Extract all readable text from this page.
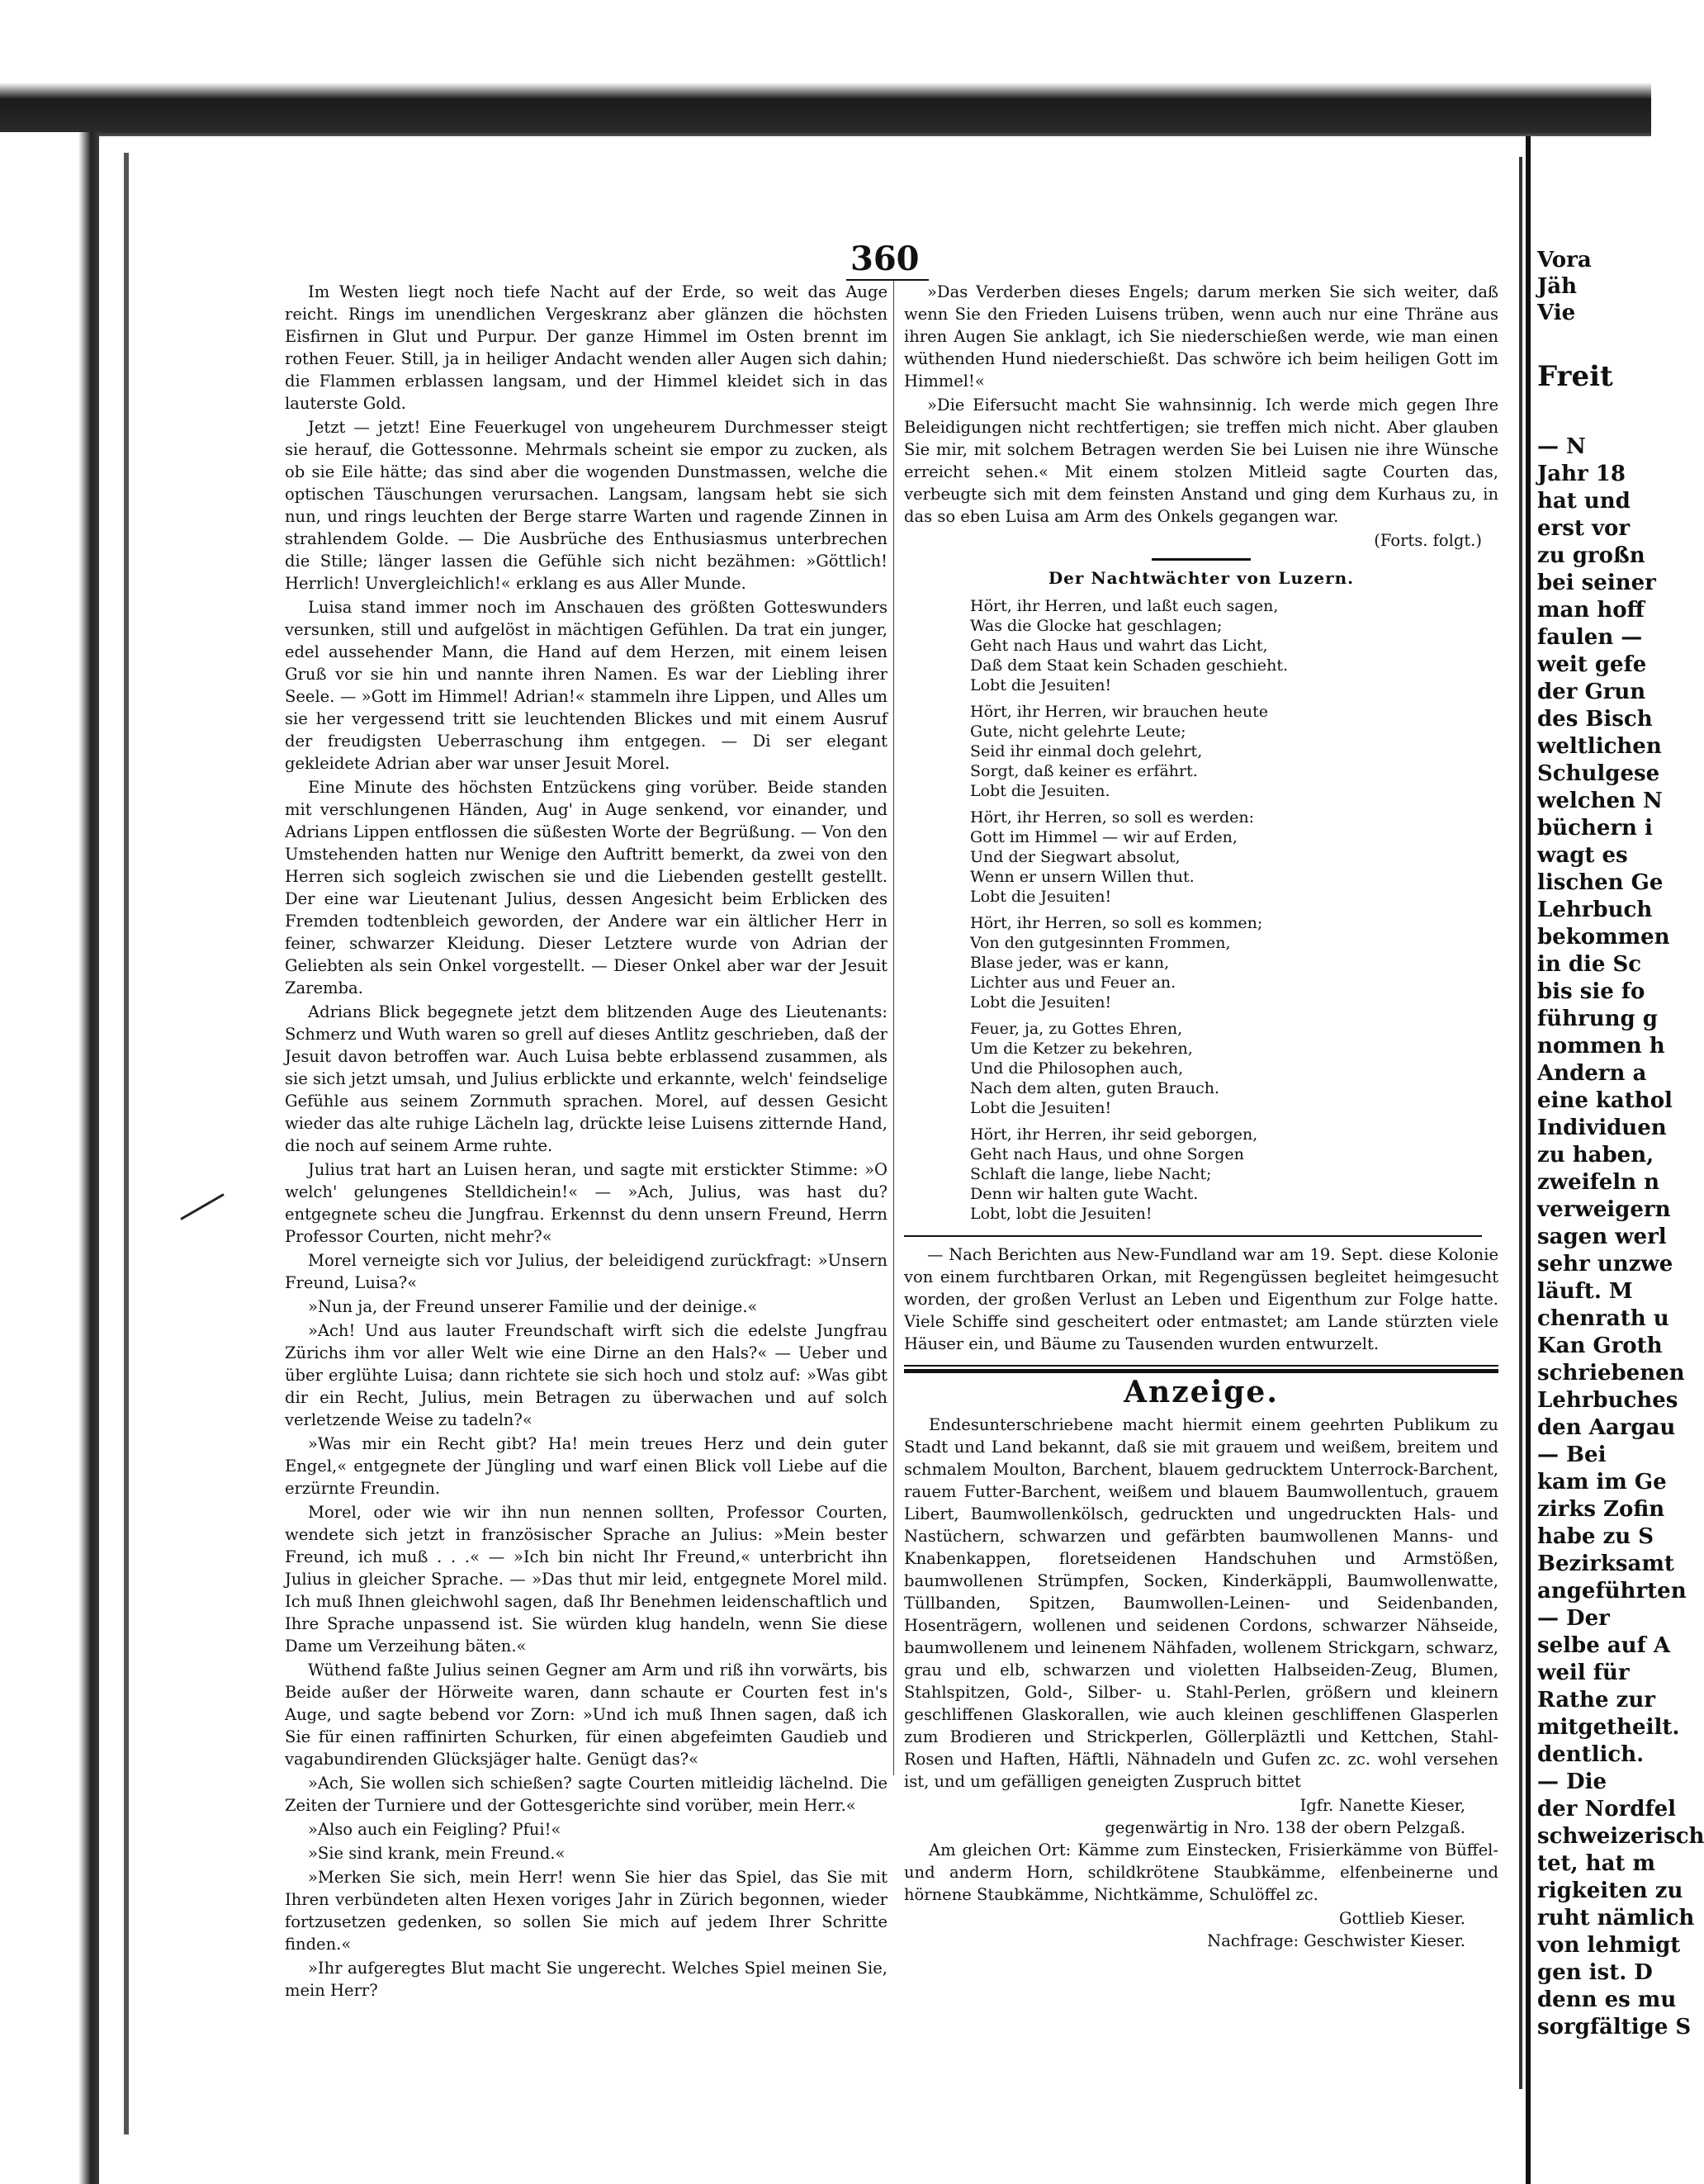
360

Im Westen liegt noch tiefe Nacht auf der Erde, so weit das Auge reicht. Rings im unendlichen Vergeskranz aber glänzen die höchsten Eisfirnen in Glut und Purpur. Der ganze Himmel im Osten brennt im rothen Feuer. Still, ja in heiliger Andacht wenden aller Augen sich dahin; die Flammen erblassen langsam, und der Himmel kleidet sich in das lauterste Gold.

Jetzt — jetzt! Eine Feuerkugel von ungeheurem Durchmesser steigt sie herauf, die Gottessonne. Mehrmals scheint sie empor zu zucken, als ob sie Eile hätte; das sind aber die wogenden Dunstmassen, welche die optischen Täuschungen verursachen. Langsam, langsam hebt sie sich nun, und rings leuchten der Berge starre Warten und ragende Zinnen in strahlendem Golde. — Die Ausbrüche des Enthusiasmus unterbrechen die Stille; länger lassen die Gefühle sich nicht bezähmen: »Göttlich! Herrlich! Unvergleichlich!« erklang es aus Aller Munde.

Luisa stand immer noch im Anschauen des größten Gotteswunders versunken, still und aufgelöst in mächtigen Gefühlen. Da trat ein junger, edel aussehender Mann, die Hand auf dem Herzen, mit einem leisen Gruß vor sie hin und nannte ihren Namen. Es war der Liebling ihrer Seele. — »Gott im Himmel! Adrian!« stammeln ihre Lippen, und Alles um sie her vergessend tritt sie leuchtenden Blickes und mit einem Ausruf der freudigsten Ueberraschung ihm entgegen. — Di ser elegant gekleidete Adrian aber war unser Jesuit Morel.

Eine Minute des höchsten Entzückens ging vorüber. Beide standen mit verschlungenen Händen, Aug' in Auge senkend, vor einander, und Adrians Lippen entflossen die süßesten Worte der Begrüßung. — Von den Umstehenden hatten nur Wenige den Auftritt bemerkt, da zwei von den Herren sich sogleich zwischen sie und die Liebenden gestellt gestellt. Der eine war Lieutenant Julius, dessen Angesicht beim Erblicken des Fremden todtenbleich geworden, der Andere war ein ältlicher Herr in feiner, schwarzer Kleidung. Dieser Letztere wurde von Adrian der Geliebten als sein Onkel vorgestellt. — Dieser Onkel aber war der Jesuit Zaremba.

Adrians Blick begegnete jetzt dem blitzenden Auge des Lieutenants: Schmerz und Wuth waren so grell auf dieses Antlitz geschrieben, daß der Jesuit davon betroffen war. Auch Luisa bebte erblassend zusammen, als sie sich jetzt umsah, und Julius erblickte und erkannte, welch' feindselige Gefühle aus seinem Zornmuth sprachen. Morel, auf dessen Gesicht wieder das alte ruhige Lächeln lag, drückte leise Luisens zitternde Hand, die noch auf seinem Arme ruhte.

Julius trat hart an Luisen heran, und sagte mit erstickter Stimme: »O welch' gelungenes Stelldichein!« — »Ach, Julius, was hast du? entgegnete scheu die Jungfrau. Erkennst du denn unsern Freund, Herrn Professor Courten, nicht mehr?«

Morel verneigte sich vor Julius, der beleidigend zurückfragt: »Unsern Freund, Luisa?«

»Nun ja, der Freund unserer Familie und der deinige.«

»Ach! Und aus lauter Freundschaft wirft sich die edelste Jungfrau Zürichs ihm vor aller Welt wie eine Dirne an den Hals?« — Ueber und über erglühte Luisa; dann richtete sie sich hoch und stolz auf: »Was gibt dir ein Recht, Julius, mein Betragen zu überwachen und auf solch verletzende Weise zu tadeln?«

»Was mir ein Recht gibt? Ha! mein treues Herz und dein guter Engel,« entgegnete der Jüngling und warf einen Blick voll Liebe auf die erzürnte Freundin.

Morel, oder wie wir ihn nun nennen sollten, Professor Courten, wendete sich jetzt in französischer Sprache an Julius: »Mein bester Freund, ich muß . . .« — »Ich bin nicht Ihr Freund,« unterbricht ihn Julius in gleicher Sprache. — »Das thut mir leid, entgegnete Morel mild. Ich muß Ihnen gleichwohl sagen, daß Ihr Benehmen leidenschaftlich und Ihre Sprache unpassend ist. Sie würden klug handeln, wenn Sie diese Dame um Verzeihung bäten.«

Wüthend faßte Julius seinen Gegner am Arm und riß ihn vorwärts, bis Beide außer der Hörweite waren, dann schaute er Courten fest in's Auge, und sagte bebend vor Zorn: »Und ich muß Ihnen sagen, daß ich Sie für einen raffinirten Schurken, für einen abgefeimten Gaudieb und vagabundirenden Glücksjäger halte. Genügt das?«

»Ach, Sie wollen sich schießen? sagte Courten mitleidig lächelnd. Die Zeiten der Turniere und der Gottesgerichte sind vorüber, mein Herr.«

»Also auch ein Feigling? Pfui!«

»Sie sind krank, mein Freund.«

»Merken Sie sich, mein Herr! wenn Sie hier das Spiel, das Sie mit Ihren verbündeten alten Hexen voriges Jahr in Zürich begonnen, wieder fortzusetzen gedenken, so sollen Sie mich auf jedem Ihrer Schritte finden.«

»Ihr aufgeregtes Blut macht Sie ungerecht. Welches Spiel meinen Sie, mein Herr?

»Das Verderben dieses Engels; darum merken Sie sich weiter, daß wenn Sie den Frieden Luisens trüben, wenn auch nur eine Thräne aus ihren Augen Sie anklagt, ich Sie niederschießen werde, wie man einen wüthenden Hund niederschießt. Das schwöre ich beim heiligen Gott im Himmel!«

»Die Eifersucht macht Sie wahnsinnig. Ich werde mich gegen Ihre Beleidigungen nicht rechtfertigen; sie treffen mich nicht. Aber glauben Sie mir, mit solchem Betragen werden Sie bei Luisen nie ihre Wünsche erreicht sehen.« Mit einem stolzen Mitleid sagte Courten das, verbeugte sich mit dem feinsten Anstand und ging dem Kurhaus zu, in das so eben Luisa am Arm des Onkels gegangen war.

(Forts. folgt.)
Der Nachtwächter von Luzern.
Hört, ihr Herren, und laßt euch sagen,
Was die Glocke hat geschlagen;
Geht nach Haus und wahrt das Licht,
Daß dem Staat kein Schaden geschieht.
Lobt die Jesuiten!
Hört, ihr Herren, wir brauchen heute
Gute, nicht gelehrte Leute;
Seid ihr einmal doch gelehrt,
Sorgt, daß keiner es erfährt.
Lobt die Jesuiten.
Hört, ihr Herren, so soll es werden:
Gott im Himmel — wir auf Erden,
Und der Siegwart absolut,
Wenn er unsern Willen thut.
Lobt die Jesuiten!
Hört, ihr Herren, so soll es kommen;
Von den gutgesinnten Frommen,
Blase jeder, was er kann,
Lichter aus und Feuer an.
Lobt die Jesuiten!
Feuer, ja, zu Gottes Ehren,
Um die Ketzer zu bekehren,
Und die Philosophen auch,
Nach dem alten, guten Brauch.
Lobt die Jesuiten!
Hört, ihr Herren, ihr seid geborgen,
Geht nach Haus, und ohne Sorgen
Schlaft die lange, liebe Nacht;
Denn wir halten gute Wacht.
Lobt, lobt die Jesuiten!

— Nach Berichten aus New-Fundland war am 19. Sept. diese Kolonie von einem furchtbaren Orkan, mit Regengüssen begleitet heimgesucht worden, der großen Verlust an Leben und Eigenthum zur Folge hatte. Viele Schiffe sind gescheitert oder entmastet; am Lande stürzten viele Häuser ein, und Bäume zu Tausenden wurden entwurzelt.

Anzeige.

Endesunterschriebene macht hiermit einem geehrten Publikum zu Stadt und Land bekannt, daß sie mit grauem und weißem, breitem und schmalem Moulton, Barchent, blauem gedrucktem Unterrock-Barchent, rauem Futter-Barchent, weißem und blauem Baumwollentuch, grauem Libert, Baumwollenkölsch, gedruckten und ungedruckten Hals- und Nastüchern, schwarzen und gefärbten baumwollenen Manns- und Knabenkappen, floretseidenen Handschuhen und Armstößen, baumwollenen Strümpfen, Socken, Kinderkäppli, Baumwollenwatte, Tüllbanden, Spitzen, Baumwollen-Leinen- und Seidenbanden, Hosenträgern, wollenen und seidenen Cordons, schwarzer Nähseide, baumwollenem und leinenem Nähfaden, wollenem Strickgarn, schwarz, grau und elb, schwarzen und violetten Halbseiden-Zeug, Blumen, Stahlspitzen, Gold-, Silber- u. Stahl-Perlen, größern und kleinern geschliffenen Glaskorallen, wie auch kleinen geschliffenen Glasperlen zum Brodieren und Strickperlen, Göllerpläztli und Kettchen, Stahl-Rosen und Haften, Häftli, Nähnadeln und Gufen zc. zc. wohl versehen ist, und um gefälligen geneigten Zuspruch bittet

Igfr. Nanette Kieser,
gegenwärtig in Nro. 138 der obern Pelzgaß.

Am gleichen Ort: Kämme zum Einstecken, Frisierkämme von Büffel- und anderm Horn, schildkrötene Staubkämme, elfenbeinerne und hörnene Staubkämme, Nichtkämme, Schulöffel zc.

Gottlieb Kieser.
Nachfrage: Geschwister Kieser.
Vora
Jäh
Vie
Freit
— N
Jahr 18
hat und
erst vor
zu großn
bei seiner
man hoff
faulen —
weit gefe
der Grun
des Bisch
weltlichen
Schulgese
welchen N
büchern i
wagt es
lischen Ge
Lehrbuch
bekommen
in die Sc
bis sie fo
führung g
nommen h
Andern a
eine kathol
Individuen
zu haben,
zweifeln n
verweigern
sagen werl
sehr unzwe
läuft. M
chenrath u
Kan Groth
schriebenen
Lehrbuches
den Aargau
— Bei
kam im Ge
zirks Zofin
habe zu S
Bezirksamt
angeführten
— Der
selbe auf A
weil für
Rathe zur
mitgetheilt.
dentlich.
— Die
der Nordfel
schweizerisch
tet, hat m
rigkeiten zu
ruht nämlich
von lehmigt
gen ist. D
denn es mu
sorgfältige S
